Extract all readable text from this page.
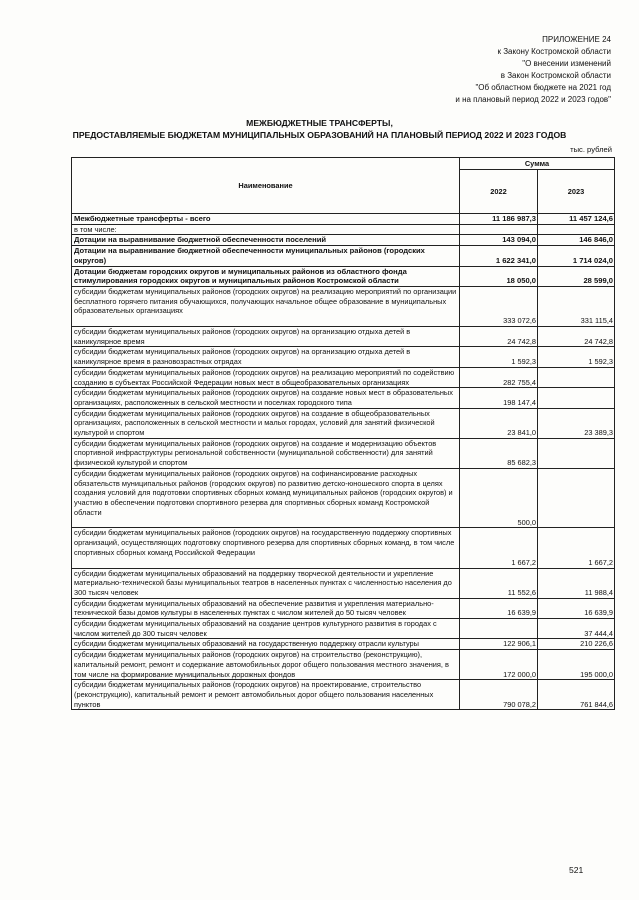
ПРИЛОЖЕНИЕ 24
к Закону Костромской области
"О внесении изменений
в Закон Костромской области
"Об областном бюджете на 2021 год
и на плановый период 2022 и 2023 годов"
МЕЖБЮДЖЕТНЫЕ ТРАНСФЕРТЫ,
ПРЕДОСТАВЛЯЕМЫЕ БЮДЖЕТАМ МУНИЦИПАЛЬНЫХ ОБРАЗОВАНИЙ НА ПЛАНОВЫЙ ПЕРИОД 2022 И 2023 ГОДОВ
тыс. рублей
Наименование	Сумма	
	2022	2023
Межбюджетные трансферты - всего	11 186 987,3	11 457 124,6
в том числе:		
Дотации на выравнивание бюджетной обеспеченности поселений	143 094,0	146 846,0
Дотации на выравнивание бюджетной обеспеченности муниципальных районов (городских округов)	1 622 341,0	1 714 024,0
Дотации бюджетам городских округов и муниципальных районов из областного фонда стимулирования городских округов и муниципальных районов Костромской области	18 050,0	28 599,0
субсидии бюджетам муниципальных районов (городских округов) на реализацию мероприятий по организации бесплатного горячего питания обучающихся, получающих начальное общее образование в муниципальных образовательных организациях	333 072,6	331 115,4
субсидии бюджетам муниципальных районов (городских округов) на организацию отдыха детей в каникулярное время	24 742,8	24 742,8
субсидии бюджетам муниципальных районов (городских округов) на организацию отдыха детей в каникулярное время в разновозрастных отрядах	1 592,3	1 592,3
субсидии бюджетам муниципальных районов (городских округов) на реализацию мероприятий по содействию созданию в субъектах Российской Федерации новых мест в общеобразовательных организациях	282 755,4	
субсидии бюджетам муниципальных районов (городских округов) на создание новых мест в образовательных организациях, расположенных в сельской местности и поселках городского типа	198 147,4	
субсидии бюджетам муниципальных районов (городских округов) на создание в общеобразовательных организациях, расположенных в сельской местности и малых городах, условий для занятий физической культурой и спортом	23 841,0	23 389,3
субсидии бюджетам муниципальных районов (городских округов) на создание и модернизацию объектов спортивной инфраструктуры региональной собственности (муниципальной собственности) для занятий физической культурой и спортом	85 682,3	
субсидии бюджетам муниципальных районов (городских округов) на софинансирование расходных обязательств муниципальных районов (городских округов) по развитию детско-юношеского спорта в целях создания условий для подготовки спортивных сборных команд муниципальных районов (городских округов) и участию в обеспечении подготовки спортивного резерва для спортивных сборных команд Костромской области	500,0	
субсидии бюджетам муниципальных районов (городских округов) на государственную поддержку спортивных организаций, осуществляющих подготовку спортивного резерва для спортивных сборных команд, в том числе спортивных сборных команд Российской Федерации	1 667,2	1 667,2
субсидии бюджетам муниципальных образований на поддержку творческой деятельности и укрепление материально-технической базы муниципальных театров в населенных пунктах с численностью населения до 300 тысяч человек	11 552,6	11 988,4
субсидии бюджетам муниципальных образований на обеспечение развития и укрепления материально-технической базы домов культуры в населенных пунктах с числом жителей до 50 тысяч человек	16 639,9	16 639,9
субсидии бюджетам муниципальных образований на создание центров культурного развития в городах с числом жителей до 300 тысяч человек		37 444,4
субсидии бюджетам муниципальных образований на государственную поддержку отрасли культуры	122 906,1	210 226,6
субсидии бюджетам муниципальных районов (городских округов) на строительство (реконструкцию), капитальный ремонт, ремонт и содержание автомобильных дорог общего пользования местного значения, в том числе на формирование муниципальных дорожных фондов	172 000,0	195 000,0
субсидии бюджетам муниципальных районов (городских округов) на проектирование, строительство (реконструкцию), капитальный ремонт и ремонт автомобильных дорог общего пользования населенных пунктов	790 078,2	761 844,6
521
